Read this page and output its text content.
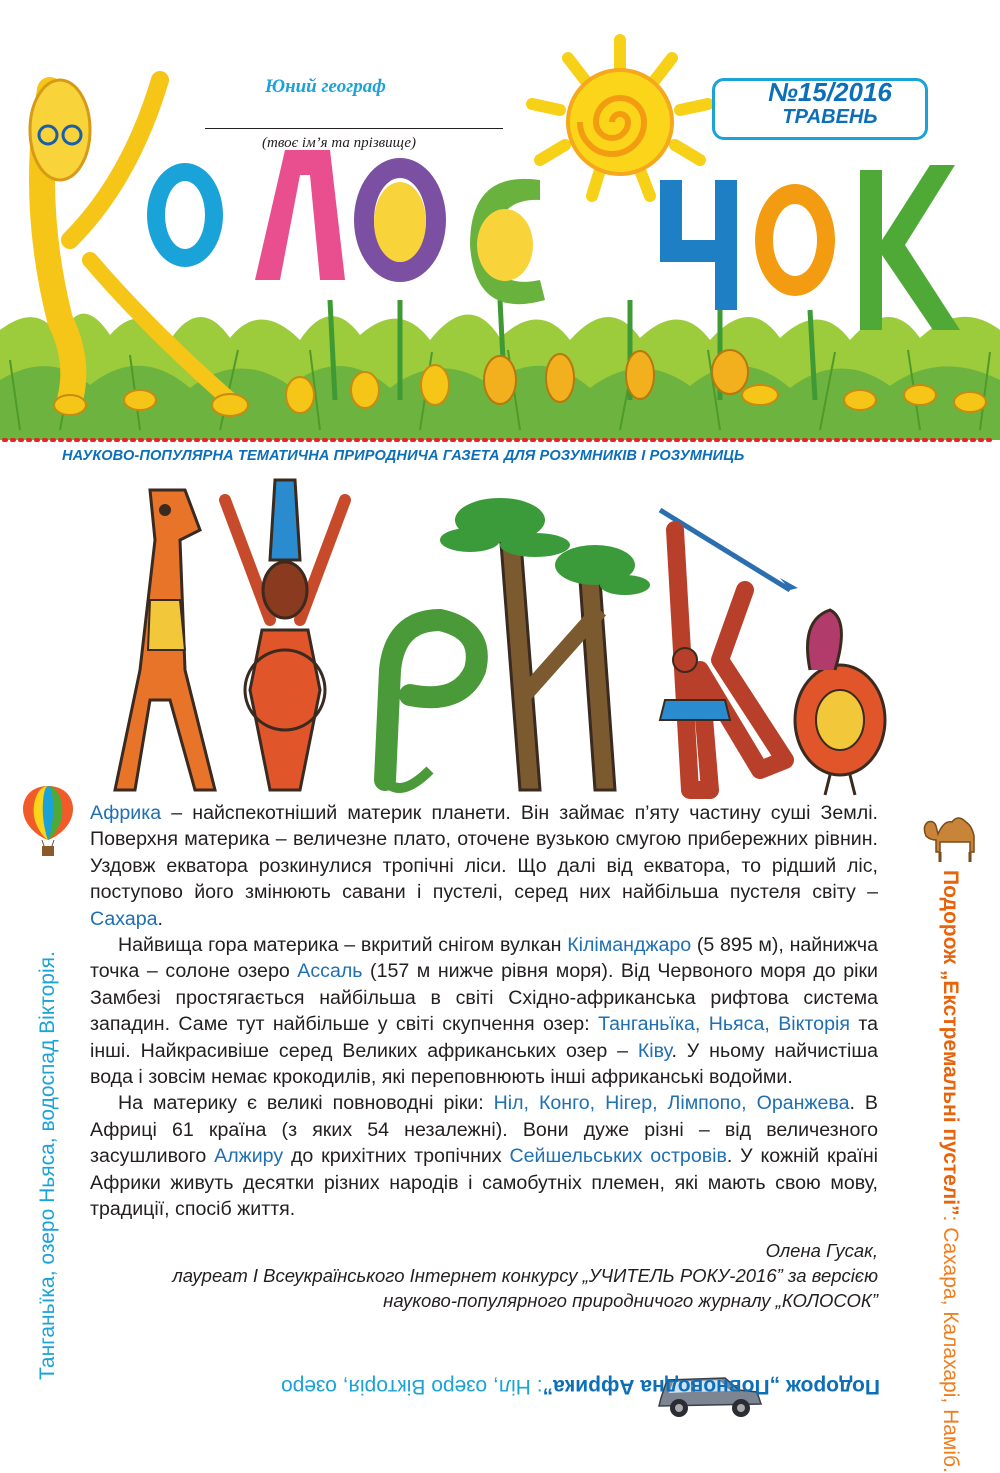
Юний географ
(твоє ім’я та прізвище)
№15/2016
ТРАВЕНЬ
НАУКОВО-ПОПУЛЯРНА ТЕМАТИЧНА ПРИРОДНИЧА ГАЗЕТА ДЛЯ РОЗУМНИКІВ І РОЗУМНИЦЬ

Африка – найспекотніший материк планети. Він займає п’яту частину суші Землі. Поверхня материка – величезне плато, оточене вузькою смугою прибережних рівнин. Уздовж екватора розкинулися тропічні ліси. Що далі від екватора, то рідший ліс, поступово його змінюють савани і пустелі, серед них найбільша пустеля світу – Сахара.

Найвища гора материка – вкритий снігом вулкан Кіліманджаро (5 895 м), найнижча точка – солоне озеро Ассаль (157 м нижче рівня моря). Від Червоного моря до ріки Замбезі простягається найбільша в світі Східно-африканська рифтова система западин. Саме тут найбільше у світі скупчення озер: Танганьїка, Ньяса, Вікторія та інші. Найкрасивіше серед Великих африканських озер – Ківу. У ньому найчистіша вода і зовсім немає крокодилів, які переповнюють інші африканські водойми.

На материку є великі повноводні ріки: Ніл, Конго, Нігер, Лімпопо, Оранжева. В Африці 61 країна (з яких 54 незалежні). Вони дуже різні – від величезного засушливого Алжиру до крихітних тропічних Сейшельських островів. У кожній країні Африки живуть десятки різних народів і самобутніх племен, які мають свою мову, традиції, спосіб життя.

Олена Гусак,
лауреат І Всеукраїнського Інтернет конкурсу „УЧИТЕЛЬ РОКУ-2016” за версією
науково-популярного природничого журналу „КОЛОСОК”
Танганьїка, озеро Ньяса, водоспад Вікторія.	Подорож „Екстремальні пустелі”: Сахара, Калахарі, Наміб.
Подорож „Повноводна Африка”: Ніл, озеро Вікторія, озеро
